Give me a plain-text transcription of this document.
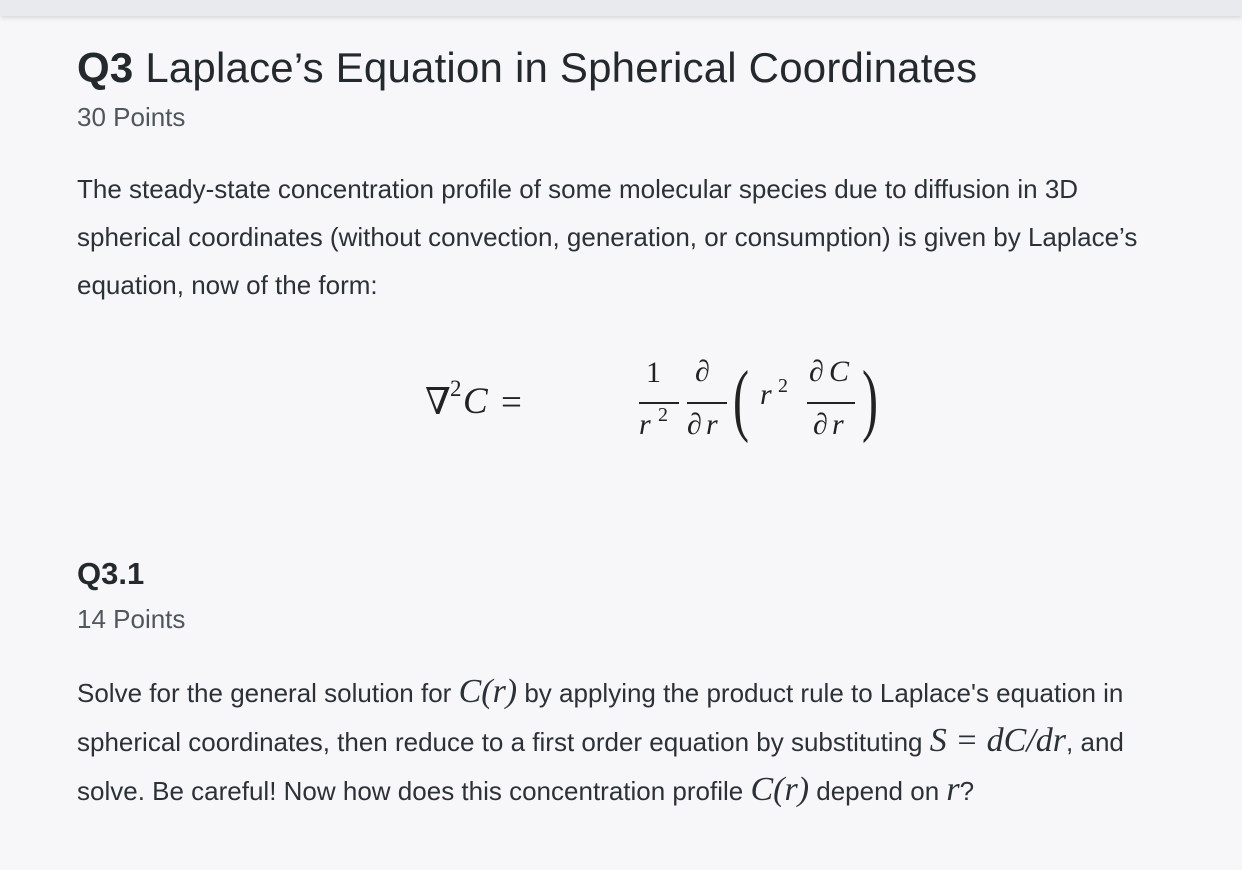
Q3 Laplace’s Equation in Spherical Coordinates
30 Points

The steady-state concentration profile of some molecular species due to diffusion in 3D spherical coordinates (without convection, generation, or consumption) is given by Laplace’s equation, now of the form:

∇ 2 C =
1
r 2
∂
∂ r ( r 2 ∂ C
∂ r )
Q3.1
14 Points

Solve for the general solution for C(r) by applying the product rule to Laplace's equation in spherical coordinates, then reduce to a first order equation by substituting S = dC/dr, and solve. Be careful! Now how does this concentration profile C(r) depend on r?
